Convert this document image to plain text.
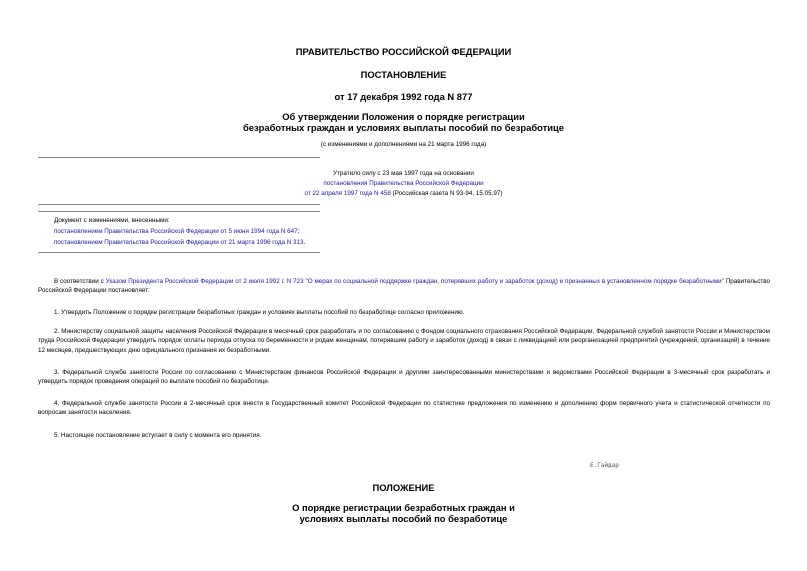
ПРАВИТЕЛЬСТВО РОССИЙСКОЙ ФЕДЕРАЦИИ
ПОСТАНОВЛЕНИЕ
от 17 декабря 1992 года N 877
Об утверждении Положения о порядке регистрации
безработных граждан и условиях выплаты пособий по безработице
(с изменениями и дополнениями на 21 марта 1996 года)
Утратило силу с 23 мая 1997 года на основании
постановления Правительства Российской Федерации
от 22 апреля 1997 года N 458 (Российская газета N 93-94, 15.05.97)
Документ с изменениями, внесенными:
постановлением Правительства Российской Федерации от 5 июня 1994 года N 647;
постановлением Правительства Российской Федерации от 21 марта 1996 года N 313.
В соответствии с Указом Президента Российской Федерации от 2 июля 1992 г. N 723 "О мерах по социальной поддержке граждан, потерявших работу и заработок (доход) и признанных в установленном порядке безработными" Правительство Российской Федерации постановляет:
1. Утвердить Положение о порядке регистрации безработных граждан и условиях выплаты пособий по безработице согласно приложению.
2. Министерству социальной защиты населения Российской Федерации в месячный срок разработать и по согласованию с Фондом социального страхования Российской Федерации, Федеральной службой занятости России и Министерством труда Российской Федерации утвердить порядок оплаты периода отпуска по беременности и родам женщинам, потерявшим работу и заработок (доход) в связи с ликвидацией или реорганизацией предприятий (учреждений, организаций) в течение 12 месяцев, предшествующих дню официального признания их безработными.
3. Федеральной службе занятости России по согласованию с Министерством финансов Российской Федерации и другими заинтересованными министерствами и ведомствами Российской Федерации в 3-месячный срок разработать и утвердить порядок проведения операций по выплате пособий по безработице.
4. Федеральной службе занятости России в 2-месячный срок внести в Государственный комитет Российской Федерации по статистике предложения по изменению и дополнению форм первичного учета и статистической отчетности по вопросам занятости населения.
5. Настоящее постановление вступает в силу с момента его принятия.
Е.Гайдар
ПОЛОЖЕНИЕ
О порядке регистрации безработных граждан и
условиях выплаты пособий по безработице
